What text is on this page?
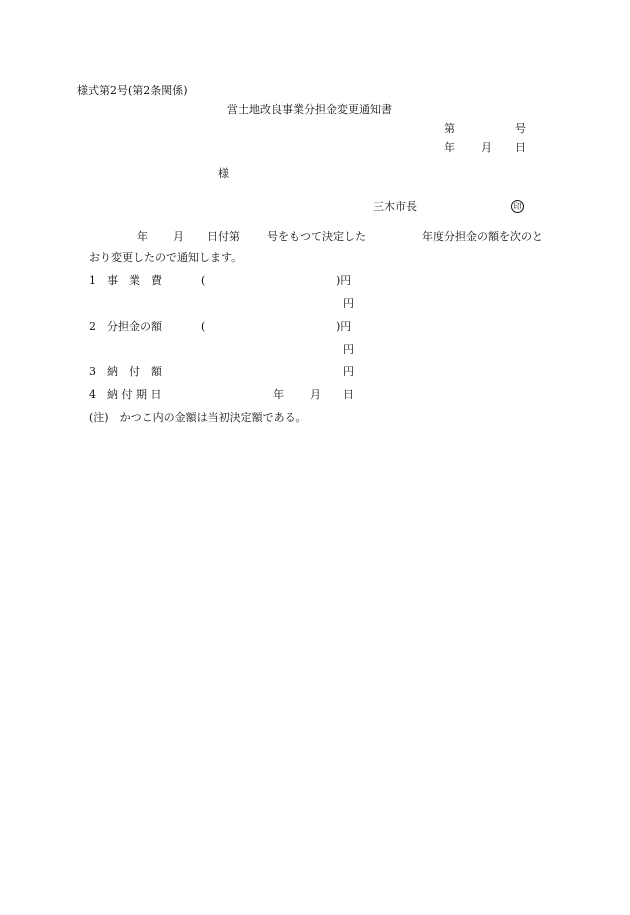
様式第2号(第2条関係)
営土地改良事業分担金変更通知書
第	号
年 月 日
様
三木市長	印
年 月 日付第 号をもつて決定した	年度分担金の額を次のと
おり変更したので通知します。
1 事　業　費	(	)円
円
2 分担金の額	(	)円
円
3 納　付　額	円
4 納 付 期 日	年 月 日
(注)　かつこ内の金額は当初決定額である。
